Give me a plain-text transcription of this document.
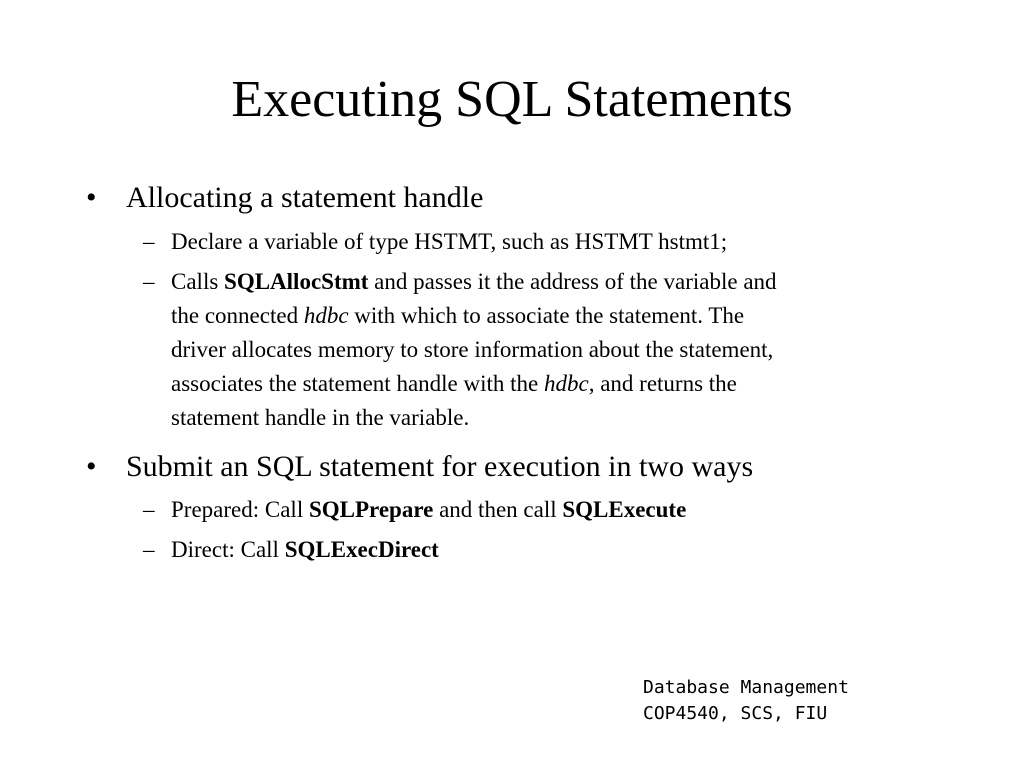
Executing SQL Statements
• Allocating a statement handle
– Declare a variable of type HSTMT, such as HSTMT hstmt1;
– Calls SQLAllocStmt and passes it the address of the variable and
the connected hdbc with which to associate the statement. The
driver allocates memory to store information about the statement,
associates the statement handle with the hdbc, and returns the
statement handle in the variable.
• Submit an SQL statement for execution in two ways
– Prepared: Call SQLPrepare and then call SQLExecute
– Direct: Call SQLExecDirect
Database Management
COP4540, SCS, FIU
